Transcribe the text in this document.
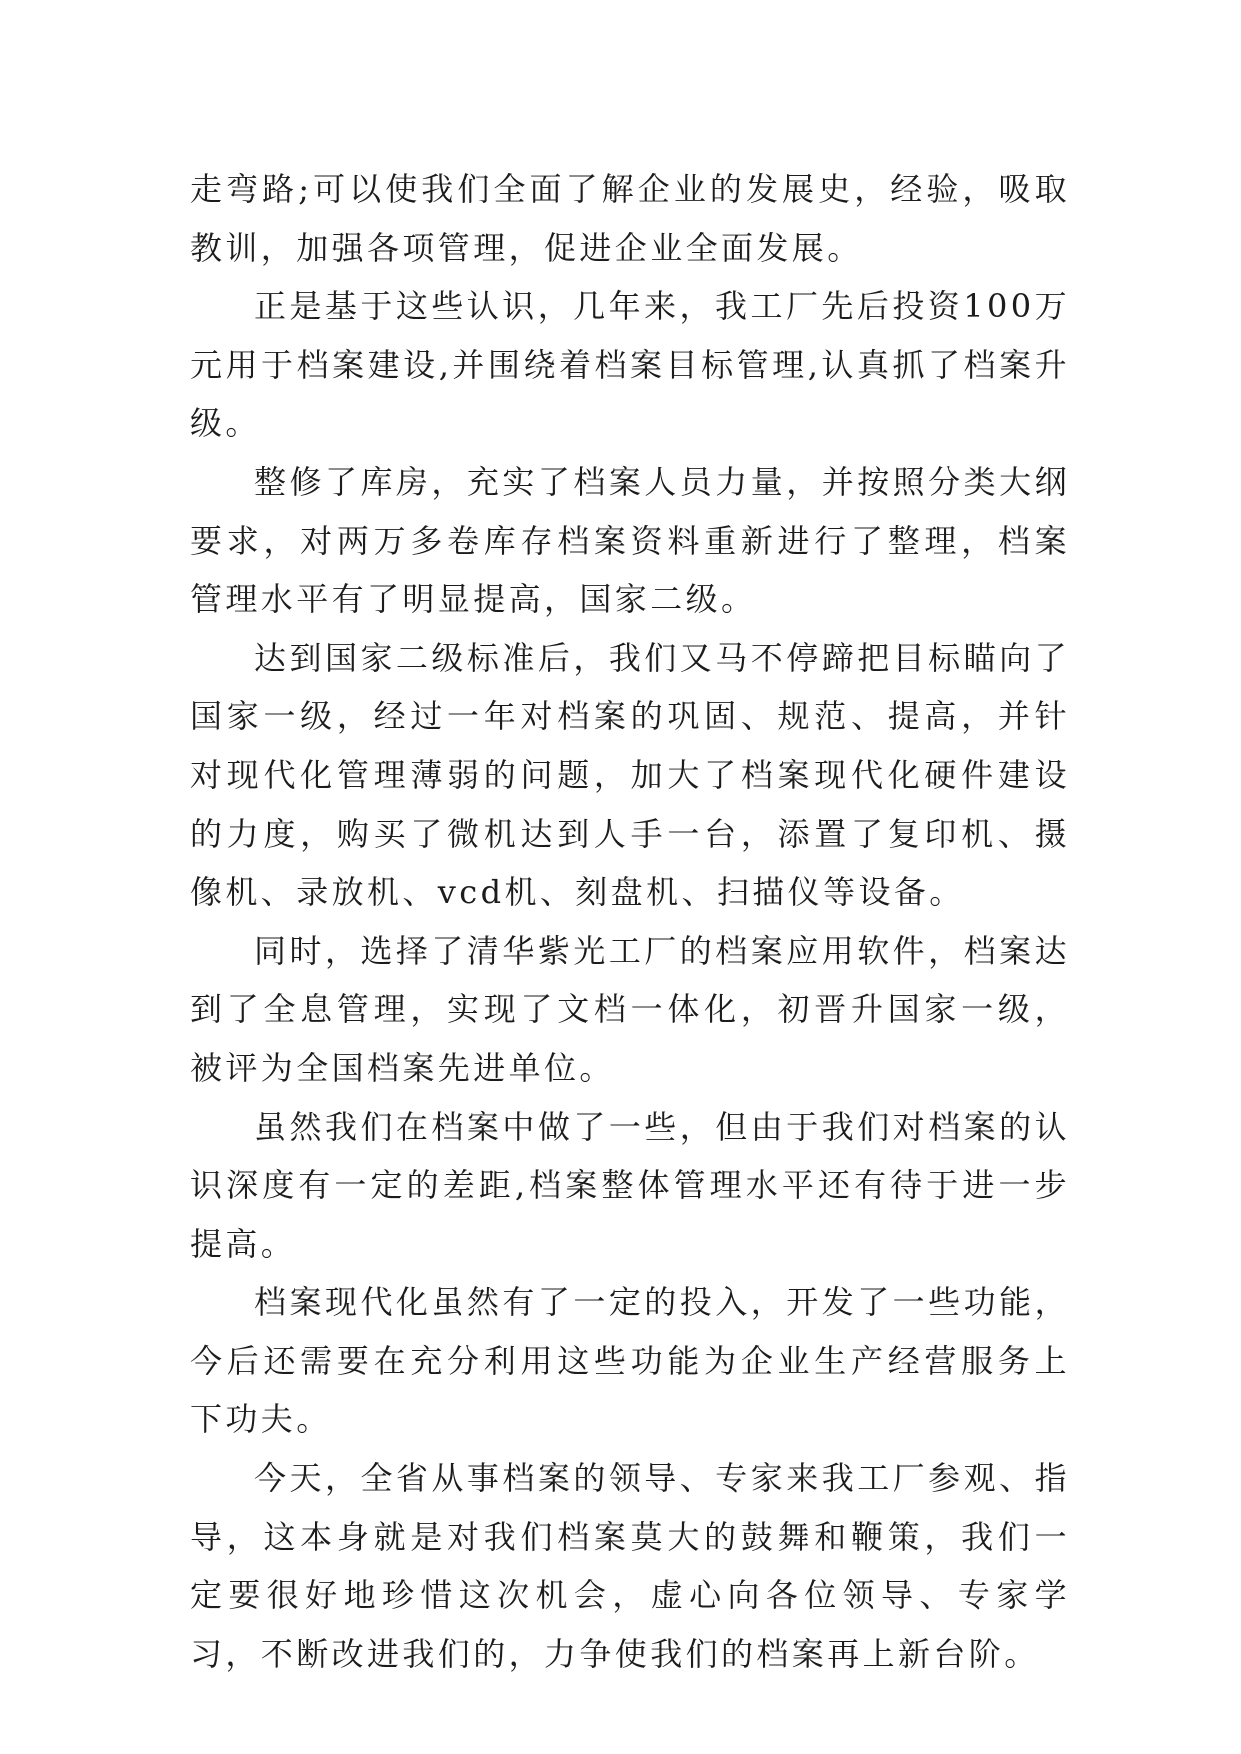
走弯路;可以使我们全面了解企业的发展史，经验，吸取教训，加强各项管理，促进企业全面发展。

正是基于这些认识，几年来，我工厂先后投资100万元用于档案建设,并围绕着档案目标管理,认真抓了档案升级。

整修了库房，充实了档案人员力量，并按照分类大纲要求，对两万多卷库存档案资料重新进行了整理，档案管理水平有了明显提高，国家二级。

达到国家二级标准后，我们又马不停蹄把目标瞄向了国家一级，经过一年对档案的巩固、规范、提高，并针对现代化管理薄弱的问题，加大了档案现代化硬件建设的力度，购买了微机达到人手一台，添置了复印机、摄像机、录放机、vcd机、刻盘机、扫描仪等设备。

同时，选择了清华紫光工厂的档案应用软件，档案达到了全息管理，实现了文档一体化，初晋升国家一级，被评为全国档案先进单位。

虽然我们在档案中做了一些，但由于我们对档案的认识深度有一定的差距,档案整体管理水平还有待于进一步提高。

档案现代化虽然有了一定的投入，开发了一些功能，今后还需要在充分利用这些功能为企业生产经营服务上下功夫。

今天，全省从事档案的领导、专家来我工厂参观、指导，这本身就是对我们档案莫大的鼓舞和鞭策，我们一定要很好地珍惜这次机会，虚心向各位领导、专家学习，不断改进我们的，力争使我们的档案再上新台阶。
